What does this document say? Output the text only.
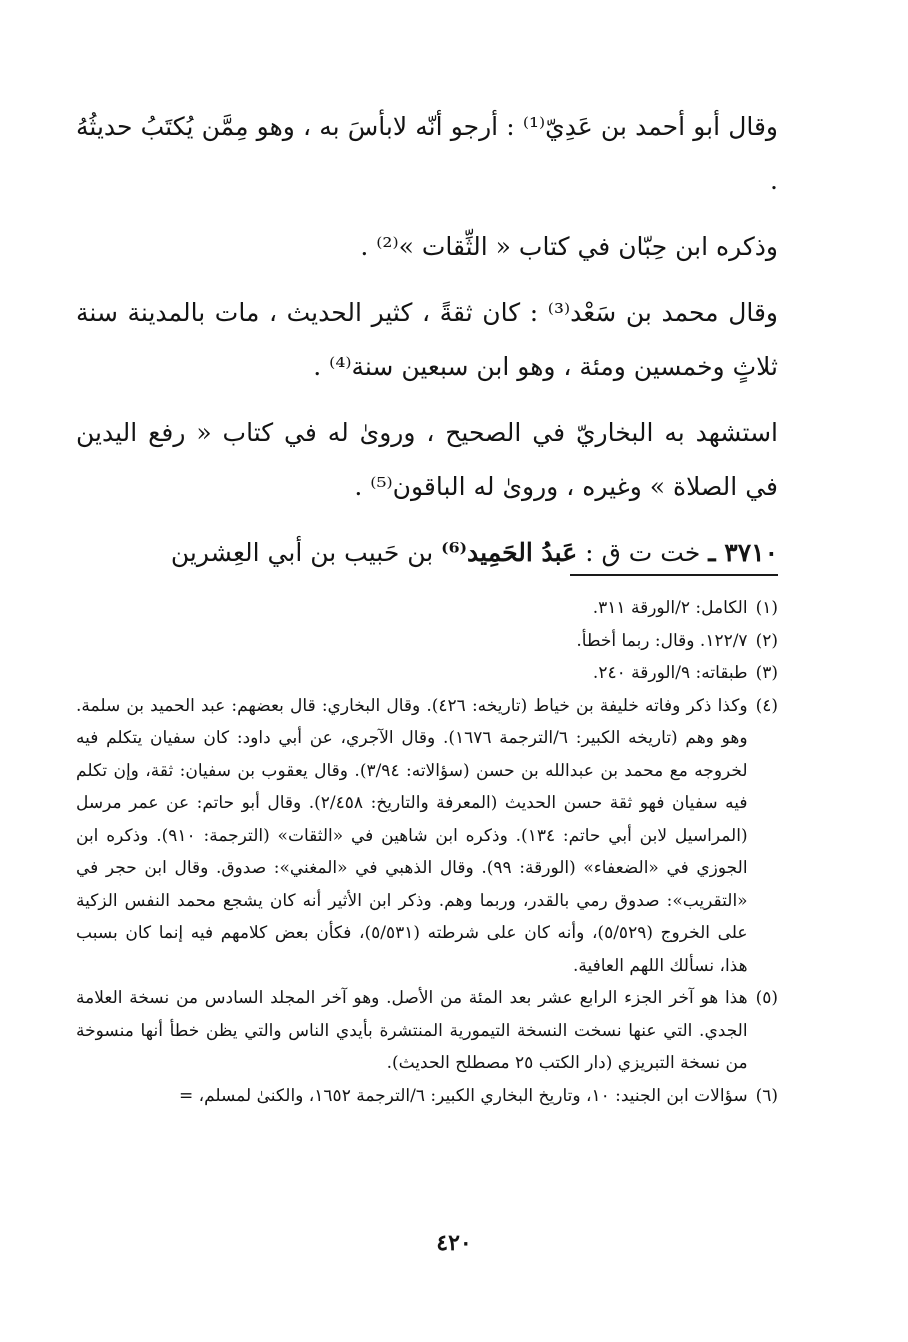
وقال أبو أحمد بن عَدِيّ⁽¹⁾ : أرجو أنّه لابأسَ به ، وهو مِمَّن يُكتَبُ حديثُهُ .

وذكره ابن حِبّان في كتاب « الثِّقات »⁽²⁾ .

وقال محمد بن سَعْد⁽³⁾ : كان ثقةً ، كثير الحديث ، مات بالمدينة سنة ثلاثٍ وخمسين ومئة ، وهو ابن سبعين سنة⁽⁴⁾ .

استشهد به البخاريّ في الصحيح ، وروىٰ له في كتاب « رفع اليدين في الصلاة » وغيره ، وروىٰ له الباقون⁽⁵⁾ .

٣٧١٠ ـ خت ت ق : عَبدُ الحَمِيد⁽⁶⁾ بن حَبيب بن أبي العِشرين

(١)
الكامل: ٢/الورقة ٣١١.
(٢)
١٢٢/٧. وقال: ربما أخطأ.
(٣)
طبقاته: ٩/الورقة ٢٤٠.
(٤)
وكذا ذكر وفاته خليفة بن خياط (تاريخه: ٤٢٦). وقال البخاري: قال بعضهم: عبد الحميد بن سلمة. وهو وهم (تاريخه الكبير: ٦/الترجمة ١٦٧٦). وقال الآجري، عن أبي داود: كان سفيان يتكلم فيه لخروجه مع محمد بن عبدالله بن حسن (سؤالاته: ٣/٩٤). وقال يعقوب بن سفيان: ثقة، وإن تكلم فيه سفيان فهو ثقة حسن الحديث (المعرفة والتاريخ: ٢/٤٥٨). وقال أبو حاتم: عن عمر مرسل (المراسيل لابن أبي حاتم: ١٣٤). وذكره ابن شاهين في «الثقات» (الترجمة: ٩١٠). وذكره ابن الجوزي في «الضعفاء» (الورقة: ٩٩). وقال الذهبي في «المغني»: صدوق. وقال ابن حجر في «التقريب»: صدوق رمي بالقدر، وربما وهم. وذكر ابن الأثير أنه كان يشجع محمد النفس الزكية على الخروج (٥/٥٢٩)، وأنه كان على شرطته (٥/٥٣١)، فكأن بعض كلامهم فيه إنما كان بسبب هذا، نسألك اللهم العافية.
(٥)
هذا هو آخر الجزء الرابع عشر بعد المئة من الأصل. وهو آخر المجلد السادس من نسخة العلامة الجدي. التي عنها نسخت النسخة التيمورية المنتشرة بأيدي الناس والتي يظن خطأ أنها منسوخة من نسخة التبريزي (دار الكتب ٢٥ مصطلح الحديث).
(٦)
سؤالات ابن الجنيد: ١٠، وتاريخ البخاري الكبير: ٦/الترجمة ١٦٥٢، والكنىٰ لمسلم، =
٤٢٠
